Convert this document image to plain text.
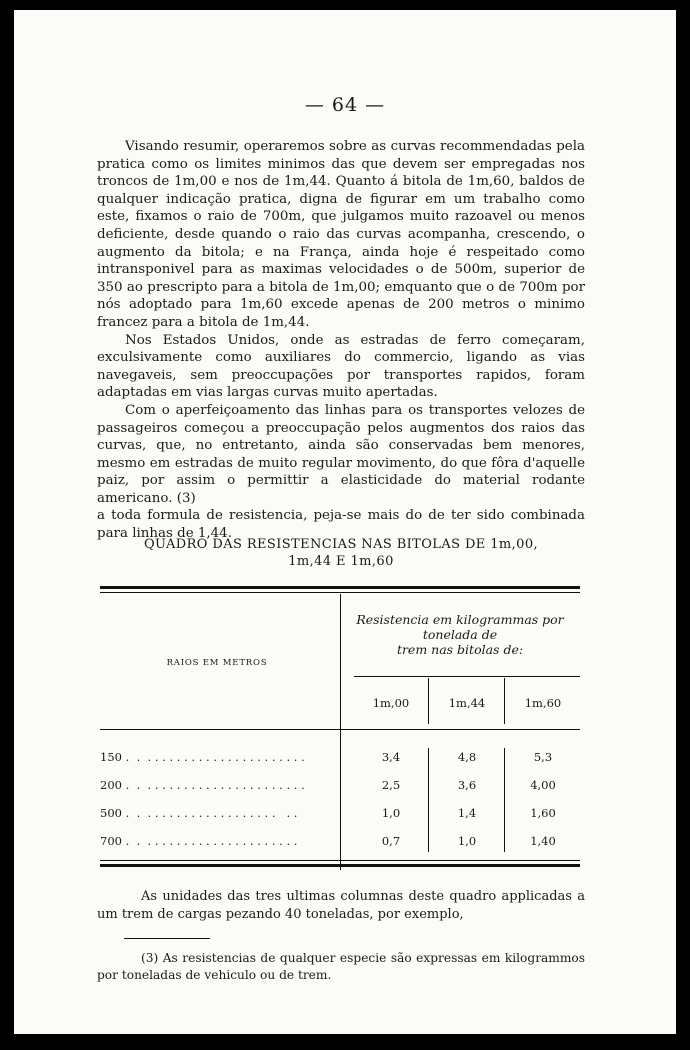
— 64 —

Visando resumir, operaremos sobre as curvas recommendadas pela pratica como os limites minimos das que devem ser empregadas nos troncos de 1m,00 e nos de 1m,44. Quanto á bitola de 1m,60, baldos de qualquer indicação pratica, digna de figurar em um trabalho como este, fixamos o raio de 700m, que julgamos muito razoavel ou menos deficiente, desde quando o raio das curvas acompanha, crescendo, o augmento da bitola; e na França, ainda hoje é respeitado como intransponivel para as maximas velocidades o de 500m, superior de 350 ao prescripto para a bitola de 1m,00; emquanto que o de 700m por nós adoptado para 1m,60 excede apenas de 200 metros o minimo francez para a bitola de 1m,44.

Nos Estados Unidos, onde as estradas de ferro começaram, exculsivamente como auxiliares do commercio, ligando as vias navegaveis, sem preoccupações por transportes rapidos, foram adaptadas em vias largas curvas muito apertadas.

Com o aperfeiçoamento das linhas para os transportes velozes de passageiros começou a preoccupação pelos augmentos dos raios das curvas, que, no entretanto, ainda são conservadas bem menores, mesmo em estradas de muito regular movimento, do que fôra d'aquelle paiz, por assim o permittir a elasticidade do material rodante americano. (3)

a toda formula de resistencia, peja-se mais do de ter sido combinada para linhas de 1,44.

QUADRO DAS RESISTENCIAS NAS BITOLAS DE 1m,00,
1m,44 E 1m,60
RAIOS EM METROS
Resistencia em kilogrammas por
tonelada de
trem nas bitolas de:
1m,00	1m,44	1m,60
150 .  .  . . . . . . . . . . . . . . . . . . . . . .	3,4	4,8	5,3
200 .  .  . . . . . . . . . . . . . . . . . . . . . .	2,5	3,6	4,00
500 .  .  . . . . . . . . . . . . . . . . . .   . .	1,0	1,4	1,60
700 .  .  . . . . . . . . . . . . . . . . . . . . .	0,7	1,0	1,40

As unidades das tres ultimas columnas deste quadro applicadas a um trem de cargas pezando 40 toneladas, por exemplo,

(3) As resistencias de qualquer especie são expressas em kilogrammos por toneladas de vehiculo ou de trem.
